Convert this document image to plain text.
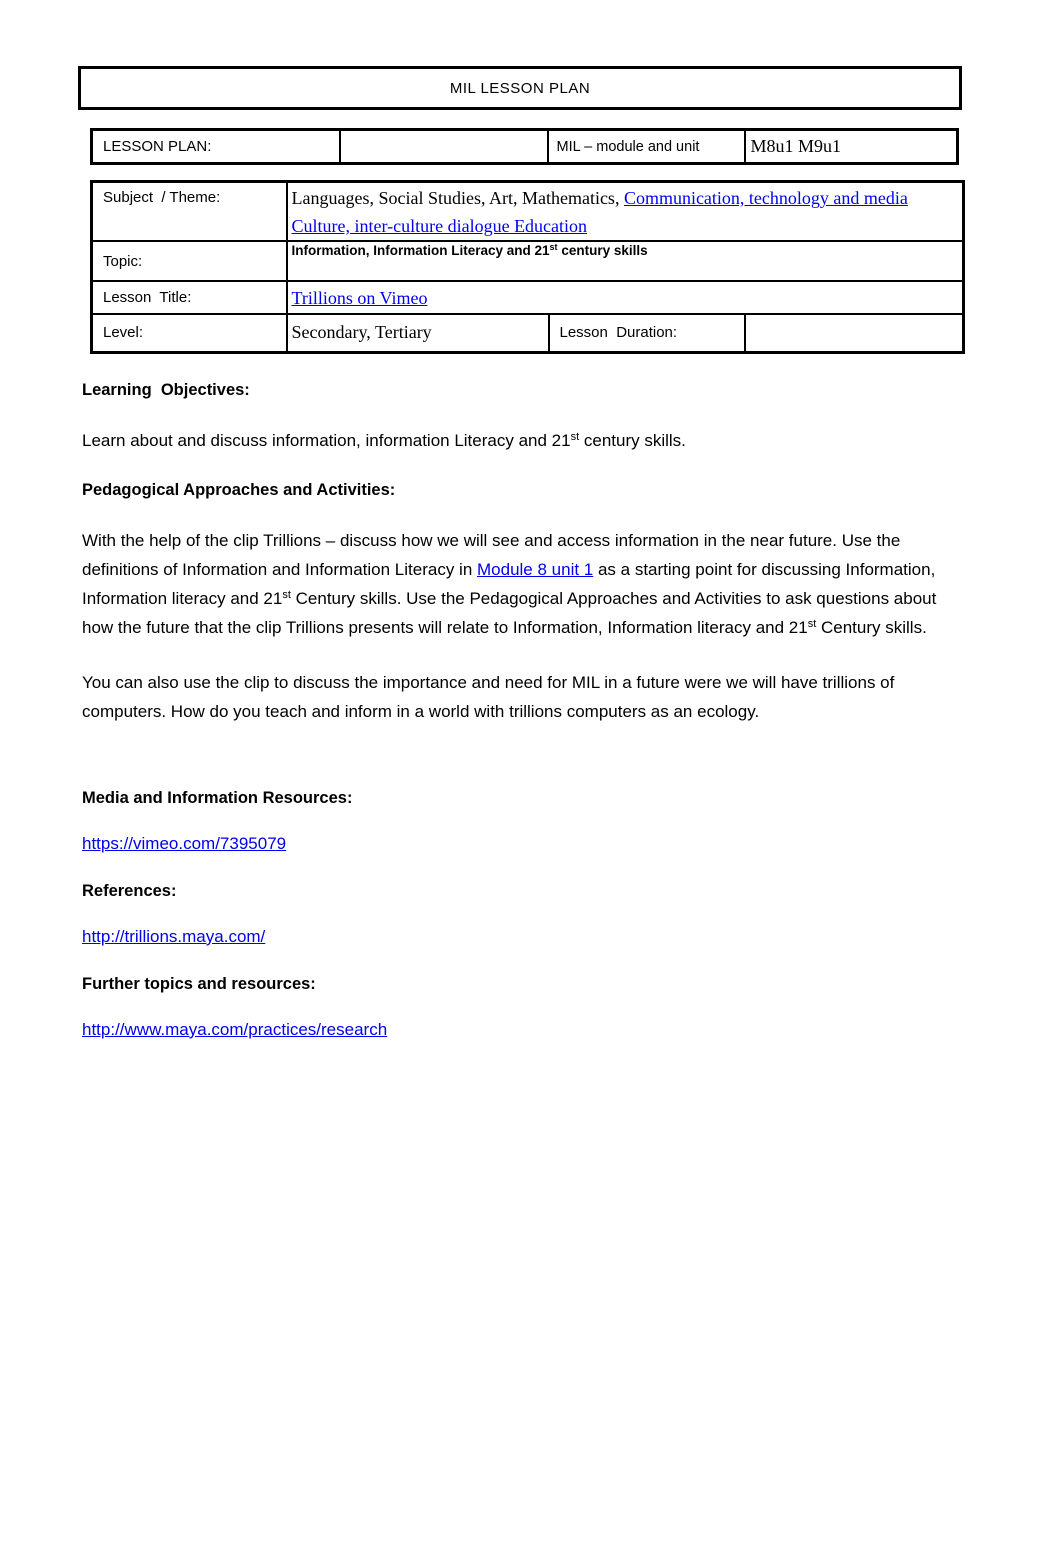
MIL LESSON PLAN
LESSON PLAN:		MIL – module and unit	M8u1 M9u1
Subject  / Theme:	Languages, Social Studies, Art, Mathematics, Communication, technology and media Culture, inter-culture dialogue Education		
Topic:	Information, Information Literacy and 21st century skills		
Lesson  Title:	Trillions on Vimeo		
Level:	Secondary, Tertiary	Lesson  Duration:	
Learning  Objectives:

Learn about and discuss information, information Literacy and 21st century skills.

Pedagogical Approaches and Activities:

With the help of the clip Trillions – discuss how we will see and access information in the near future. Use the definitions of Information and Information Literacy in Module 8 unit 1 as a starting point for discussing Information, Information literacy and 21st Century skills. Use the Pedagogical Approaches and Activities to ask questions about how the future that the clip Trillions presents will relate to Information, Information literacy and 21st Century skills.

You can also use the clip to discuss the importance and need for MIL in a future were we will have trillions of computers. How do you teach and inform in a world with trillions computers as an ecology.

Media and Information Resources:

https://vimeo.com/7395079

References:

http://trillions.maya.com/

Further topics and resources:

http://www.maya.com/practices/research
